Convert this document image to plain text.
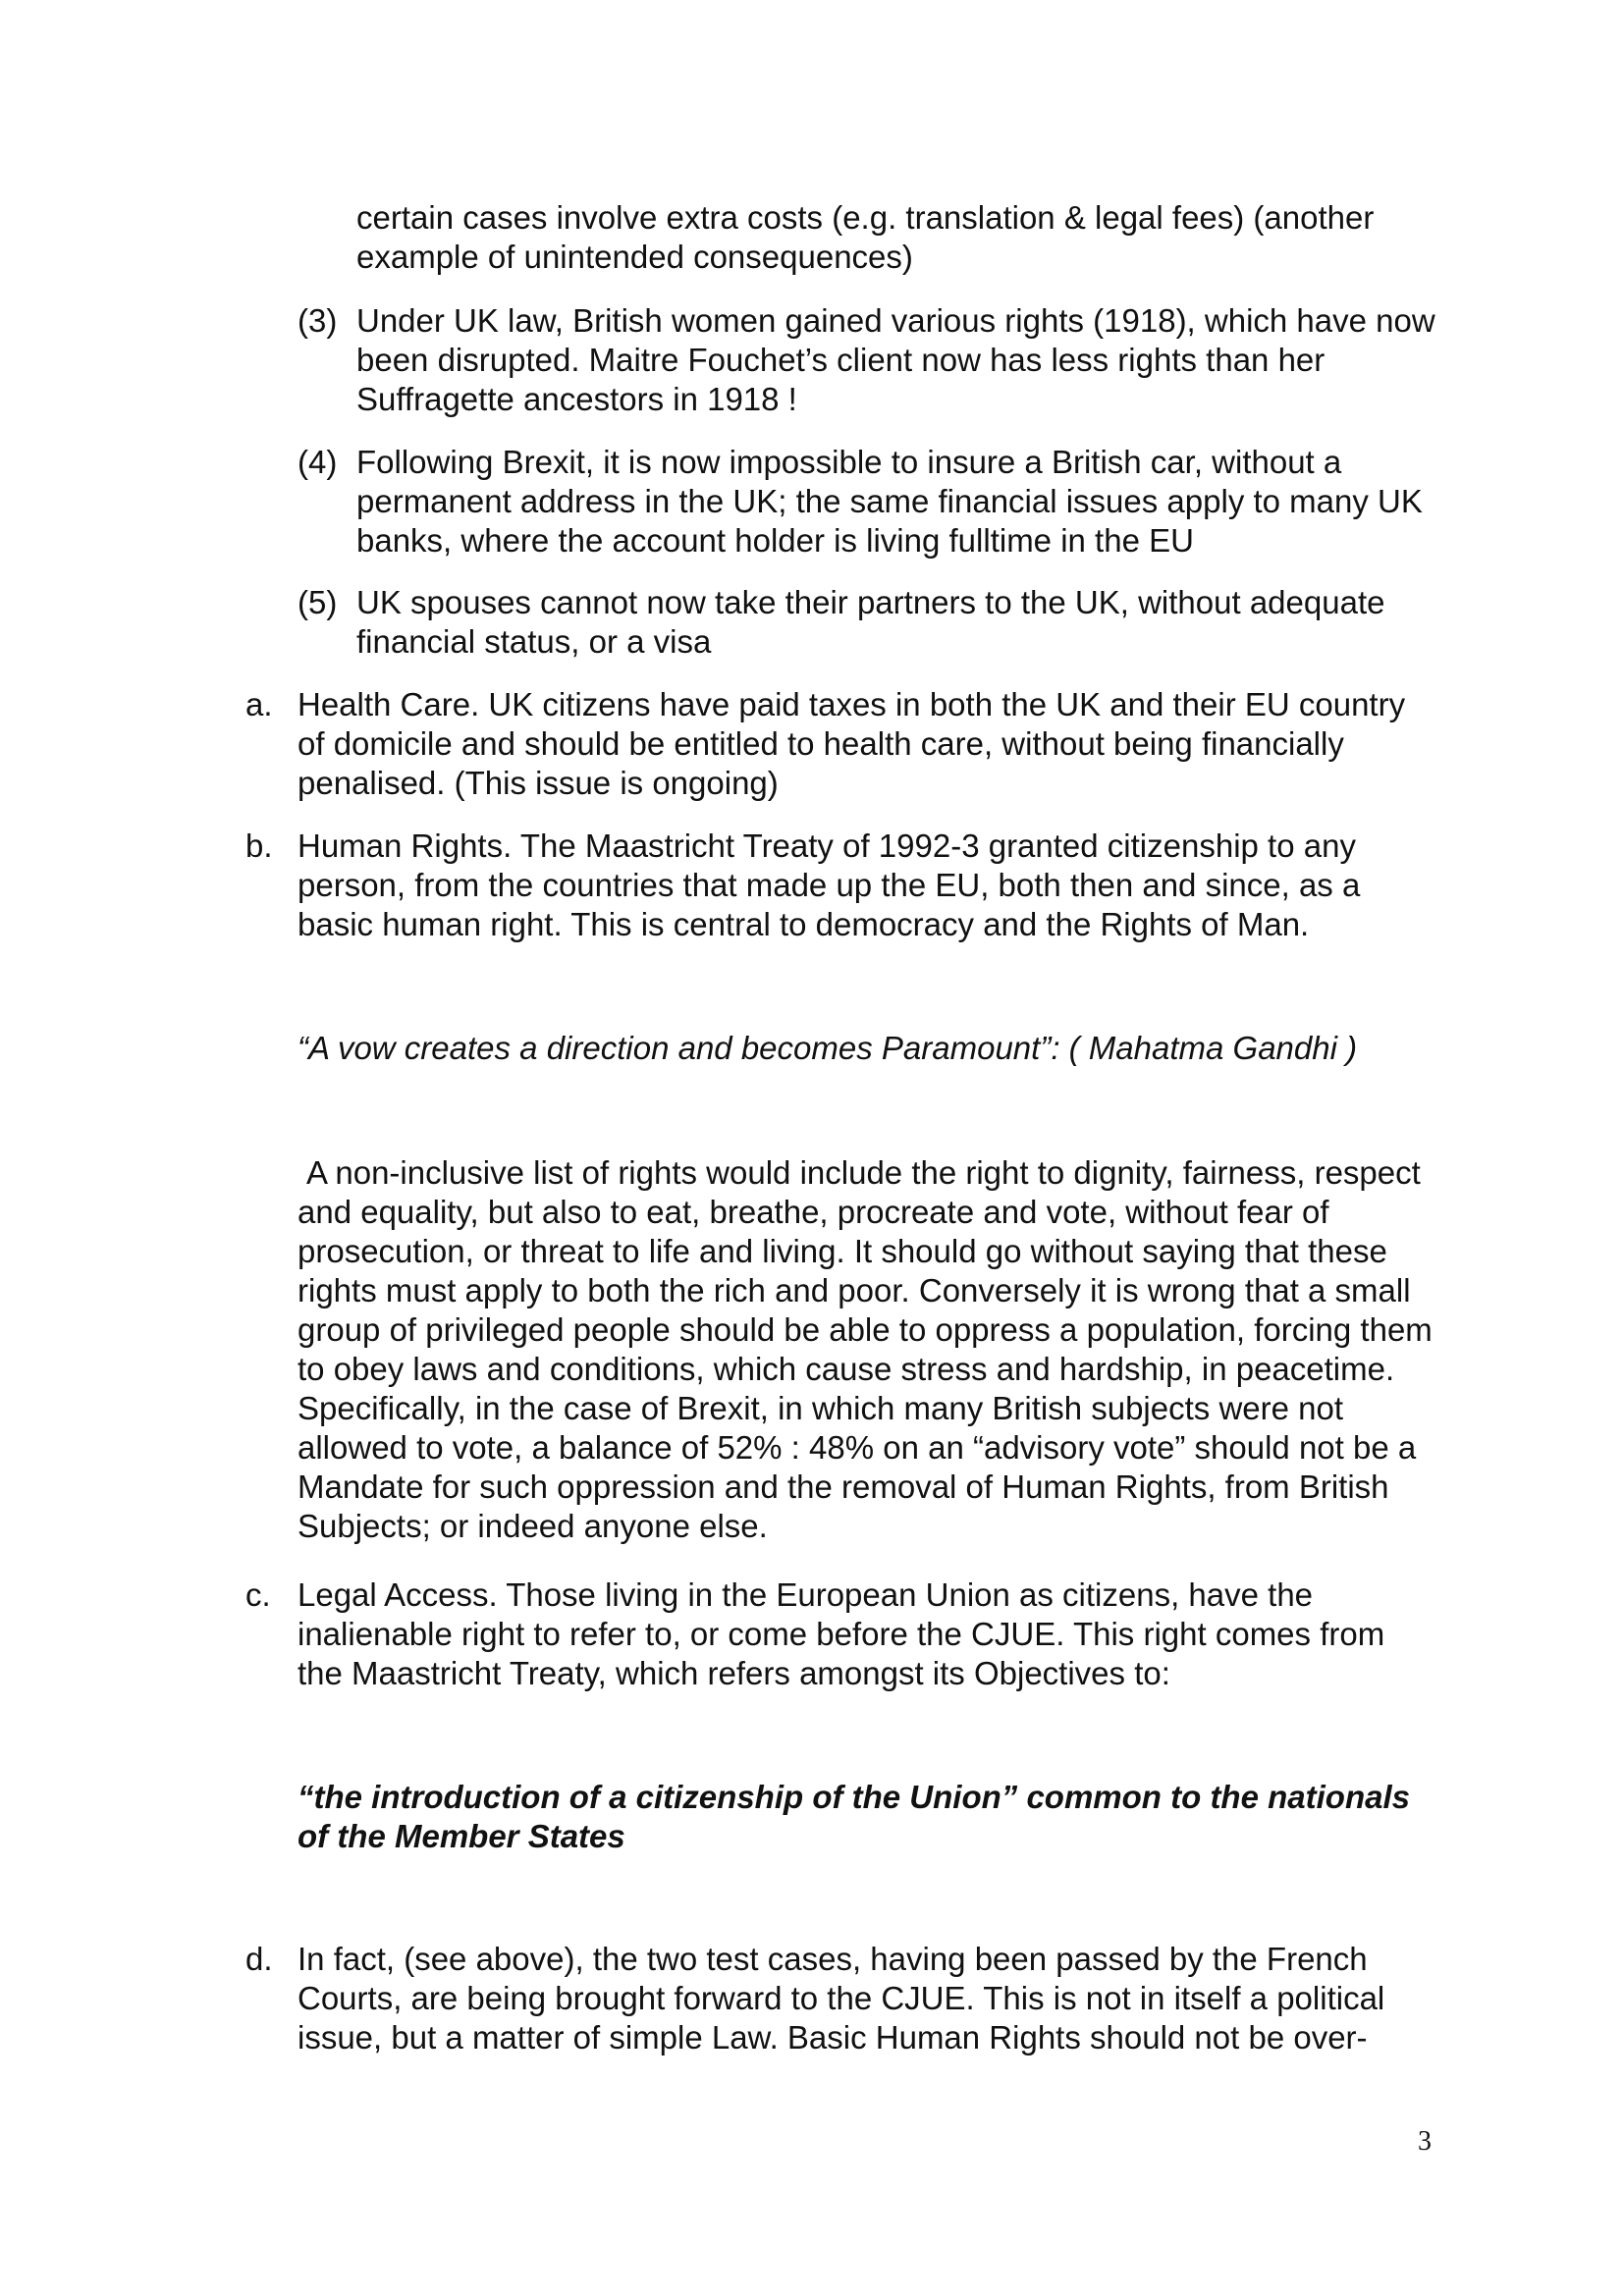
certain cases involve extra costs (e.g. translation & legal fees) (another example of unintended consequences)
(3) Under UK law, British women gained various rights (1918), which have now been disrupted. Maitre Fouchet’s client now has less rights than her Suffragette ancestors in 1918 !
(4) Following Brexit, it is now impossible to insure a British car, without a permanent address in the UK; the same financial issues apply to many UK banks, where the account holder is living fulltime in the EU
(5) UK spouses cannot now take their partners to the UK, without adequate financial status, or a visa
a. Health Care. UK citizens have paid taxes in both the UK and their EU country of domicile and should be entitled to health care, without being financially penalised. (This issue is ongoing)
b. Human Rights. The Maastricht Treaty of 1992-3 granted citizenship to any person, from the countries that made up the EU, both then and since, as a basic human right. This is central to democracy and the Rights of Man.
“A vow creates a direction and becomes Paramount”: ( Mahatma Gandhi )
A non-inclusive list of rights would include the right to dignity, fairness, respect and equality, but also to eat, breathe, procreate and vote, without fear of prosecution, or threat to life and living. It should go without saying that these rights must apply to both the rich and poor. Conversely it is wrong that a small group of privileged people should be able to oppress a population, forcing them to obey laws and conditions, which cause stress and hardship, in peacetime. Specifically, in the case of Brexit, in which many British subjects were not allowed to vote, a balance of 52% : 48% on an “advisory vote” should not be a Mandate for such oppression and the removal of Human Rights, from British Subjects; or indeed anyone else.
c. Legal Access. Those living in the European Union as citizens, have the inalienable right to refer to, or come before the CJUE. This right comes from the Maastricht Treaty, which refers amongst its Objectives to:
“the introduction of a citizenship of the Union” common to the nationals of the Member States
d. In fact, (see above), the two test cases, having been passed by the French Courts, are being brought forward to the CJUE. This is not in itself a political issue, but a matter of simple Law. Basic Human Rights should not be over-
3
